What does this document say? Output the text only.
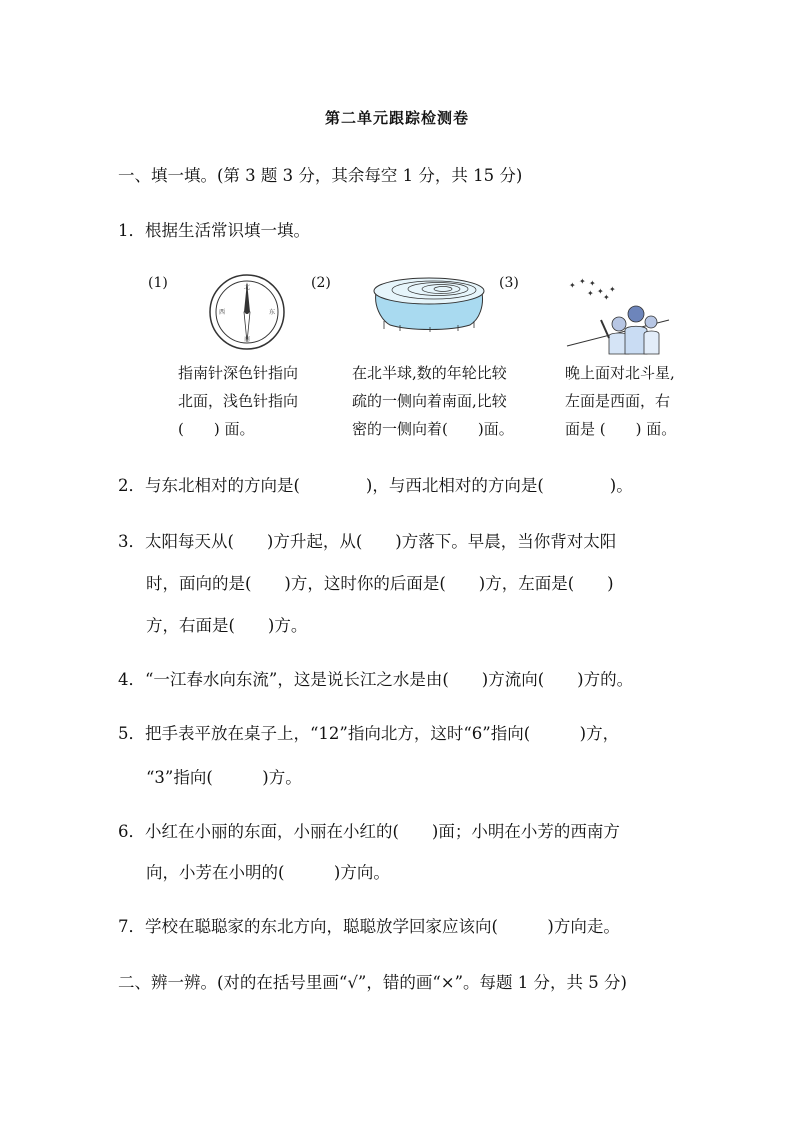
第二单元跟踪检测卷
一、填一填。(第 3 题 3 分，其余每空 1 分，共 15 分)
1．根据生活常识填一填。
(1)	北
东
南
西
指南针深色针指向
北面，浅色针指向
(　　) 面。
(2)
在北半球,数的年轮比较
疏的一侧向着南面,比较
密的一侧向着(　　)面。
(3)	✦ ✦ ✦
✦ ✦
✦
✦
晚上面对北斗星,
左面是西面，右
面是 (　　) 面。
2．与东北相对的方向是(　　　　)，与西北相对的方向是(　　　　)。
3．太阳每天从(　　)方升起，从(　　)方落下。早晨，当你背对太阳
时，面向的是(　　)方，这时你的后面是(　　)方，左面是(　　)
方，右面是(　　)方。
4．“一江春水向东流”，这是说长江之水是由(　　)方流向(　　)方的。
5．把手表平放在桌子上，“12”指向北方，这时“6”指向(　　　)方，
“3”指向(　　　)方。
6．小红在小丽的东面，小丽在小红的(　　)面；小明在小芳的西南方
向，小芳在小明的(　　　)方向。
7．学校在聪聪家的东北方向，聪聪放学回家应该向(　　　)方向走。
二、辨一辨。(对的在括号里画“√”，错的画“×”。每题 1 分，共 5 分)
